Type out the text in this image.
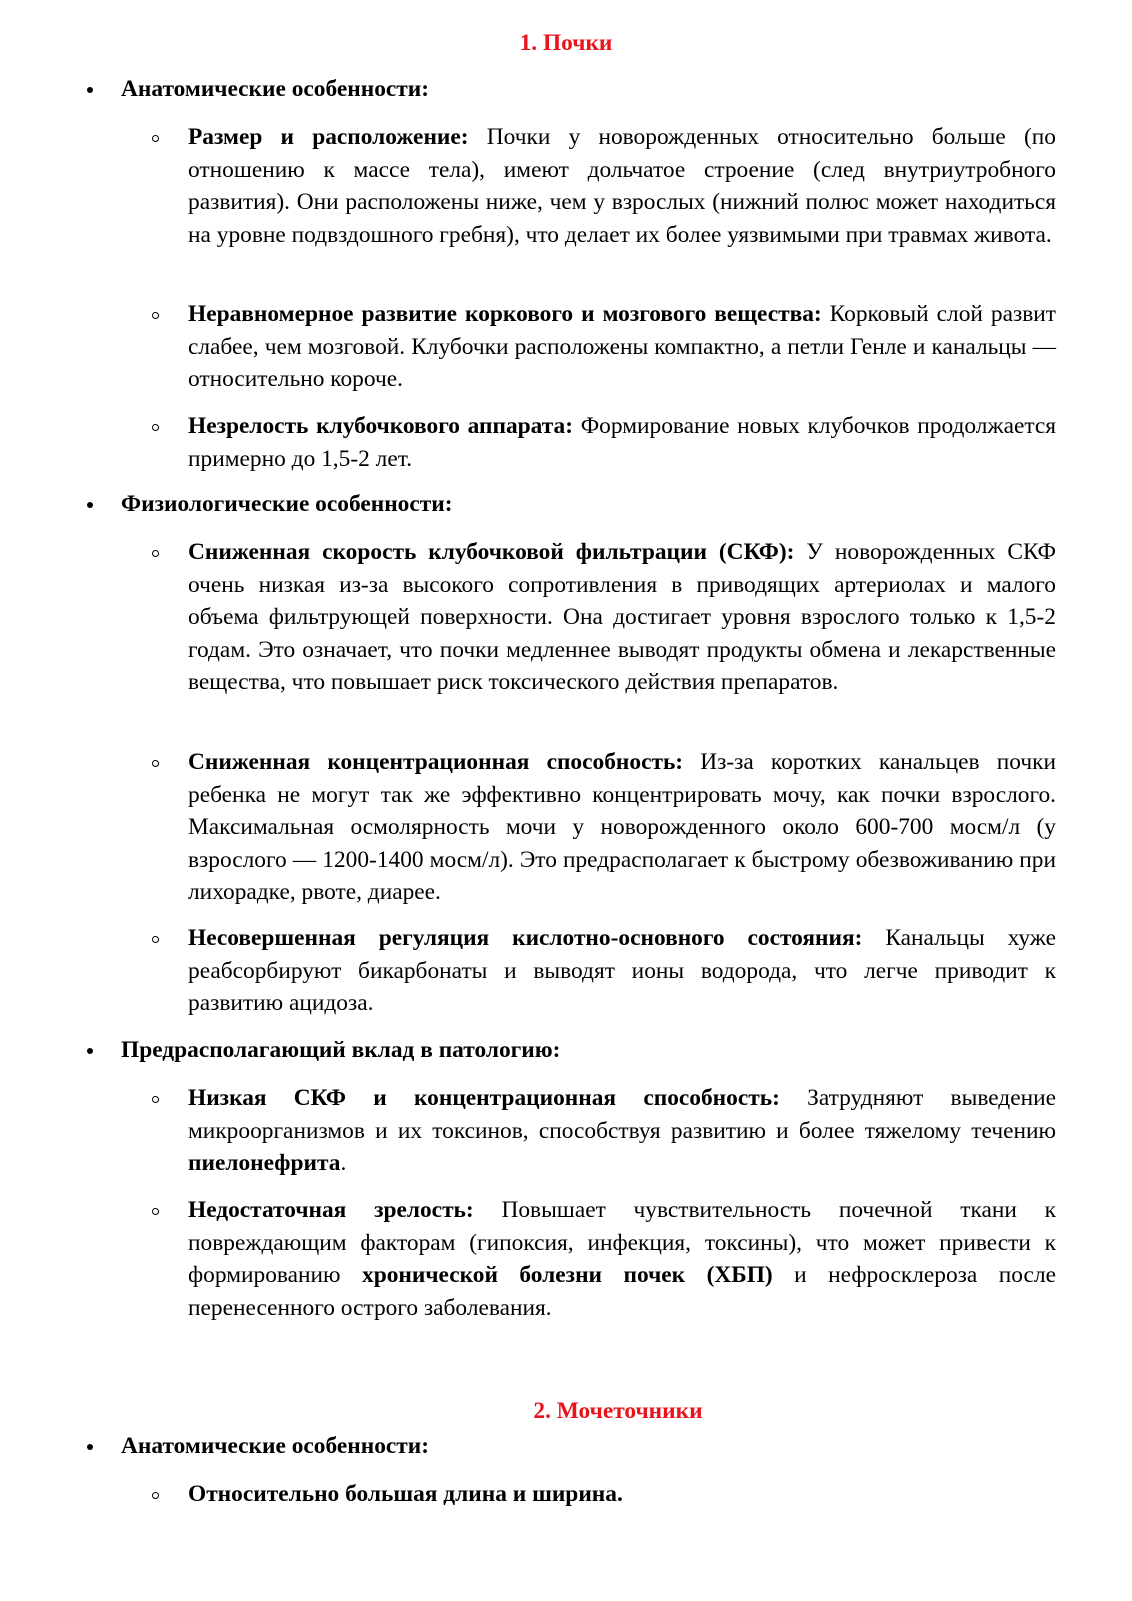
1. Почки
Анатомические особенности:
Размер и расположение: Почки у новорожденных относительно больше (по отношению к массе тела), имеют дольчатое строение (след внутриутробного развития). Они расположены ниже, чем у взрослых (нижний полюс может находиться на уровне подвздошного гребня), что делает их более уязвимыми при травмах живота.
Неравномерное развитие коркового и мозгового вещества: Корковый слой развит слабее, чем мозговой. Клубочки расположены компактно, а петли Генле и канальцы — относительно короче.
Незрелость клубочкового аппарата: Формирование новых клубочков продолжается примерно до 1,5-2 лет.
Физиологические особенности:
Сниженная скорость клубочковой фильтрации (СКФ): У новорожденных СКФ очень низкая из-за высокого сопротивления в приводящих артериолах и малого объема фильтрующей поверхности. Она достигает уровня взрослого только к 1,5-2 годам. Это означает, что почки медленнее выводят продукты обмена и лекарственные вещества, что повышает риск токсического действия препаратов.
Сниженная концентрационная способность: Из-за коротких канальцев почки ребенка не могут так же эффективно концентрировать мочу, как почки взрослого. Максимальная осмолярность мочи у новорожденного около 600-700 мосм/л (у взрослого — 1200-1400 мосм/л). Это предрасполагает к быстрому обезвоживанию при лихорадке, рвоте, диарее.
Несовершенная регуляция кислотно-основного состояния: Канальцы хуже реабсорбируют бикарбонаты и выводят ионы водорода, что легче приводит к развитию ацидоза.
Предрасполагающий вклад в патологию:
Низкая СКФ и концентрационная способность: Затрудняют выведение микроорганизмов и их токсинов, способствуя развитию и более тяжелому течению пиелонефрита.
Недостаточная зрелость: Повышает чувствительность почечной ткани к повреждающим факторам (гипоксия, инфекция, токсины), что может привести к формированию хронической болезни почек (ХБП) и нефросклероза после перенесенного острого заболевания.
2. Мочеточники
Анатомические особенности:
Относительно большая длина и ширина.
